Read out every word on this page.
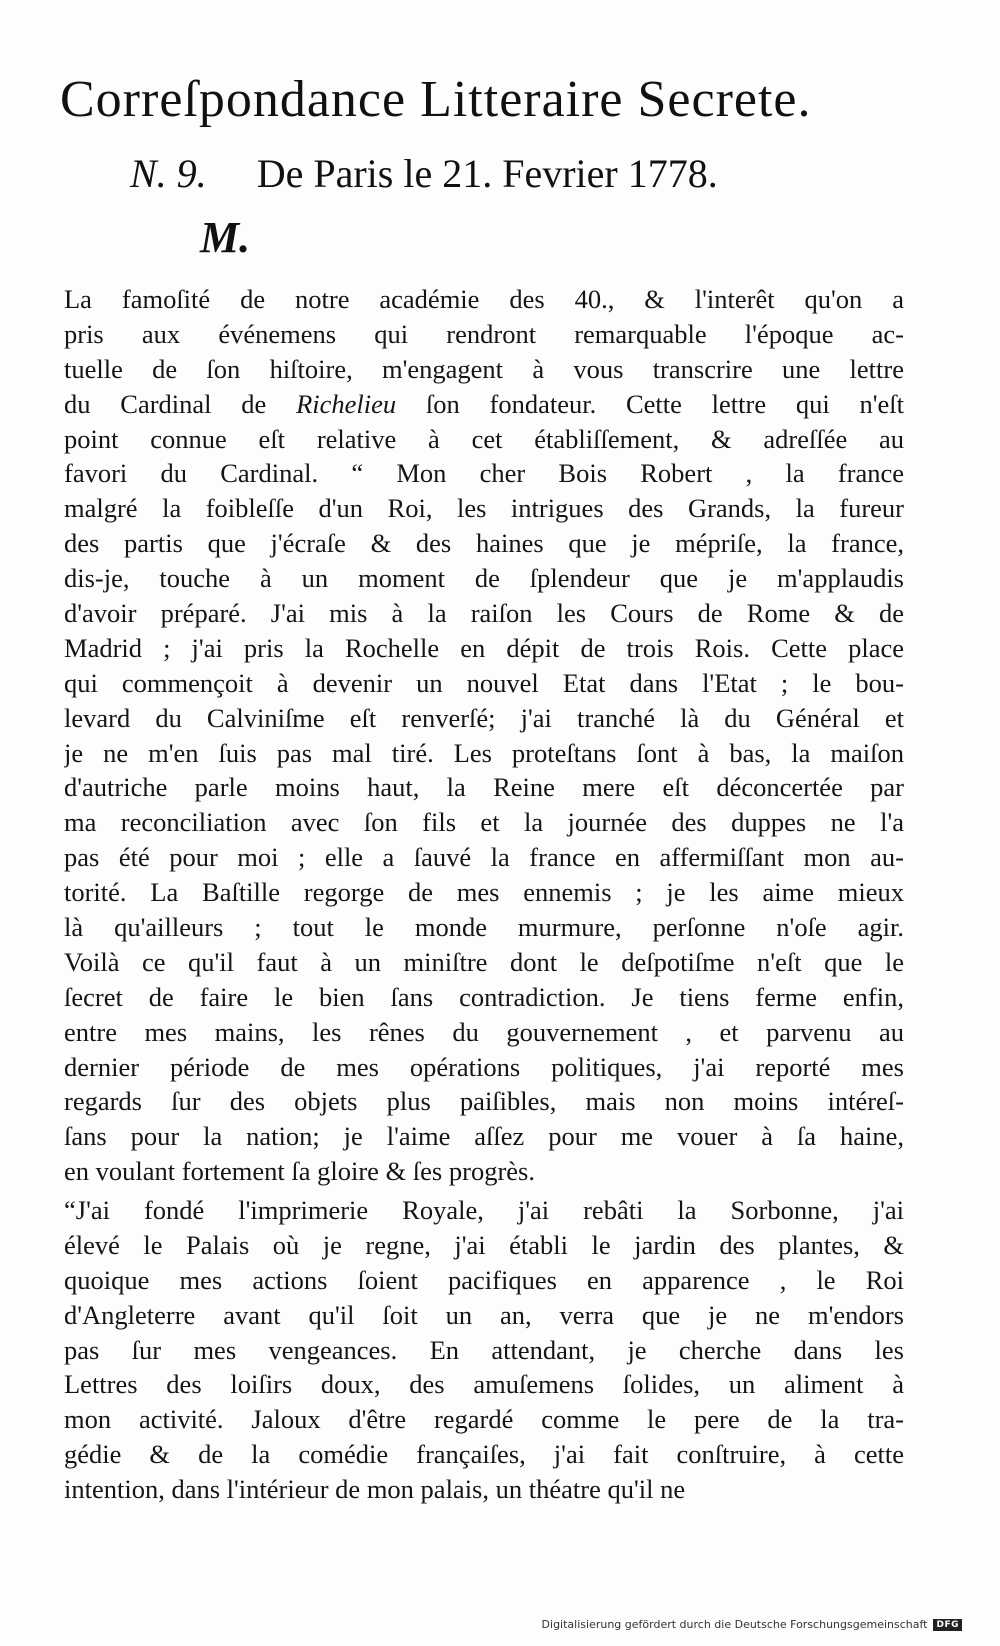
Correſpondance Litteraire Secrete.
N. 9. De Paris le 21. Fevrier 1778.
M.
La famoſité de notre académie des 40., & l'interêt qu'on a
pris aux événemens qui rendront remarquable l'époque ac-
tuelle de ſon hiſtoire, m'engagent à vous transcrire une lettre
du Cardinal de Richelieu ſon fondateur. Cette lettre qui n'eſt
point connue eſt relative à cet établiſſement, & adreſſée au
favori du Cardinal. “ Mon cher Bois Robert , la france
malgré la foibleſſe d'un Roi, les intrigues des Grands, la fureur
des partis que j'écraſe & des haines que je mépriſe, la france,
dis-je, touche à un moment de ſplendeur que je m'applaudis
d'avoir préparé. J'ai mis à la raiſon les Cours de Rome & de
Madrid ; j'ai pris la Rochelle en dépit de trois Rois. Cette place
qui commençoit à devenir un nouvel Etat dans l'Etat ; le bou-
levard du Calviniſme eſt renverſé; j'ai tranché là du Général et
je ne m'en ſuis pas mal tiré. Les proteſtans ſont à bas, la maiſon
d'autriche parle moins haut, la Reine mere eſt déconcertée par
ma reconciliation avec ſon fils et la journée des duppes ne l'a
pas été pour moi ; elle a ſauvé la france en affermiſſant mon au-
torité. La Baſtille regorge de mes ennemis ; je les aime mieux
là qu'ailleurs ; tout le monde murmure, perſonne n'oſe agir.
Voilà ce qu'il faut à un miniſtre dont le deſpotiſme n'eſt que le
ſecret de faire le bien ſans contradiction. Je tiens ferme enfin,
entre mes mains, les rênes du gouvernement , et parvenu au
dernier période de mes opérations politiques, j'ai reporté mes
regards ſur des objets plus paiſibles, mais non moins intéreſ-
ſans pour la nation; je l'aime aſſez pour me vouer à ſa haine,
en voulant fortement ſa gloire & ſes progrès.
“J'ai fondé l'imprimerie Royale, j'ai rebâti la Sorbonne, j'ai
élevé le Palais où je regne, j'ai établi le jardin des plantes, &
quoique mes actions ſoient pacifiques en apparence , le Roi
d'Angleterre avant qu'il ſoit un an, verra que je ne m'endors
pas ſur mes vengeances. En attendant, je cherche dans les
Lettres des loiſirs doux, des amuſemens ſolides, un aliment à
mon activité. Jaloux d'être regardé comme le pere de la tra-
gédie & de la comédie françaiſes, j'ai fait conſtruire, à cette
intention, dans l'intérieur de mon palais, un théatre qu'il ne
Digitalisierung gefördert durch die Deutsche Forschungsgemeinschaft	DFG
